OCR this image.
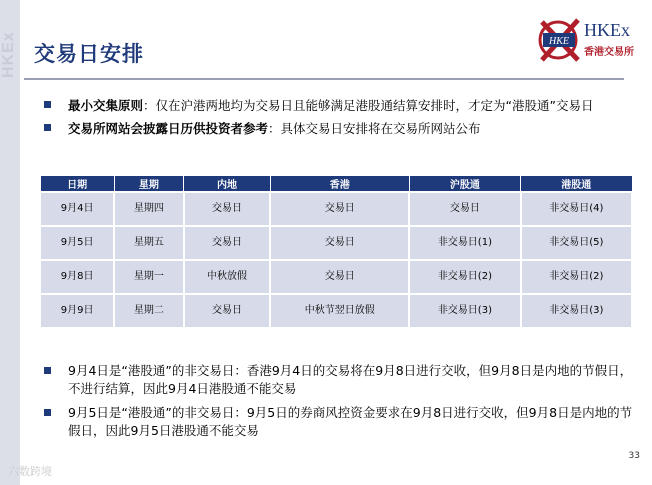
HKEx 交易日安排
HKE
HKEx
香港交易所
最小交集原则：仅在沪港两地均为交易日且能够满足港股通结算安排时，才定为“港股通”交易日
交易所网站会披露日历供投资者参考：具体交易日安排将在交易所网站公布
日期	星期	内地	香港	沪股通	港股通
9月4日	星期四	交易日	交易日	交易日	非交易日(4)
9月5日	星期五	交易日	交易日	非交易日(1)	非交易日(5)
9月8日	星期一	中秋放假	交易日	非交易日(2)	非交易日(2)
9月9日	星期二	交易日	中秋节翌日放假	非交易日(3)	非交易日(3)
9月4日是“港股通”的非交易日：香港9月4日的交易将在9月8日进行交收，但9月8日是内地的节假日，不进行结算，因此9月4日港股通不能交易
9月5日是“港股通”的非交易日：9月5日的券商风控资金要求在9月8日进行交收，但9月8日是内地的节假日，因此9月5日港股通不能交易
33
六数跨境
